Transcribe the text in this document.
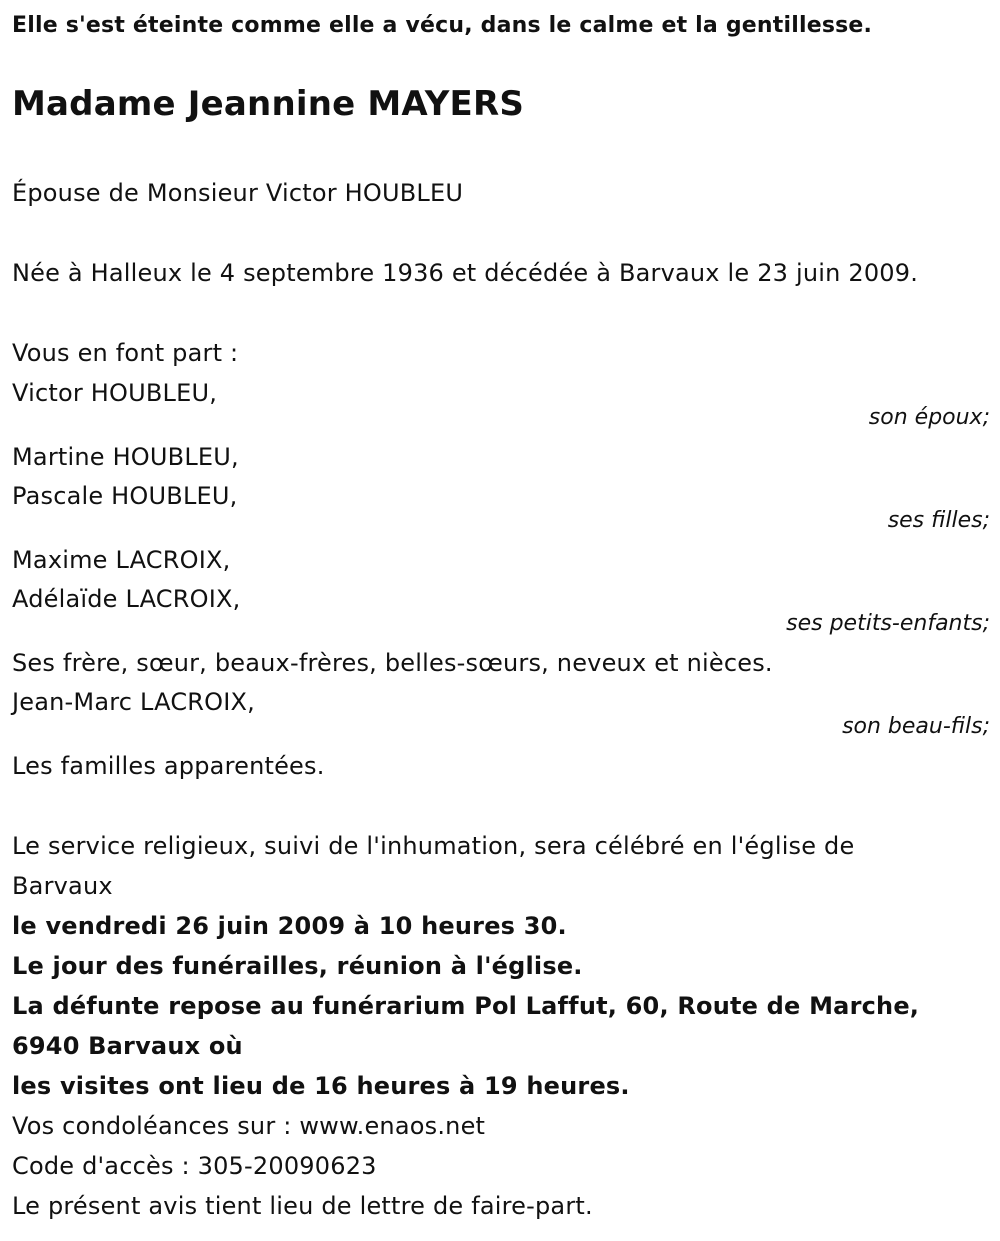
Elle s'est éteinte comme elle a vécu, dans le calme et la gentillesse.
Madame Jeannine MAYERS
Épouse de Monsieur Victor HOUBLEU
Née à Halleux le 4 septembre 1936 et décédée à Barvaux le 23 juin 2009.
Vous en font part :
Victor HOUBLEU,
son époux;
Martine HOUBLEU,
Pascale HOUBLEU,
ses filles;
Maxime LACROIX,
Adélaïde LACROIX,
ses petits-enfants;
Ses frère, sœur, beaux-frères, belles-sœurs, neveux et nièces.
Jean-Marc LACROIX,
son beau-fils;
Les familles apparentées.
Le service religieux, suivi de l'inhumation, sera célébré en l'église de
Barvaux
le vendredi 26 juin 2009 à 10 heures 30.
Le jour des funérailles, réunion à l'église.
La défunte repose au funérarium Pol Laffut, 60, Route de Marche,
6940 Barvaux où
les visites ont lieu de 16 heures à 19 heures.
Vos condoléances sur : www.enaos.net
Code d'accès : 305-20090623
Le présent avis tient lieu de lettre de faire-part.
